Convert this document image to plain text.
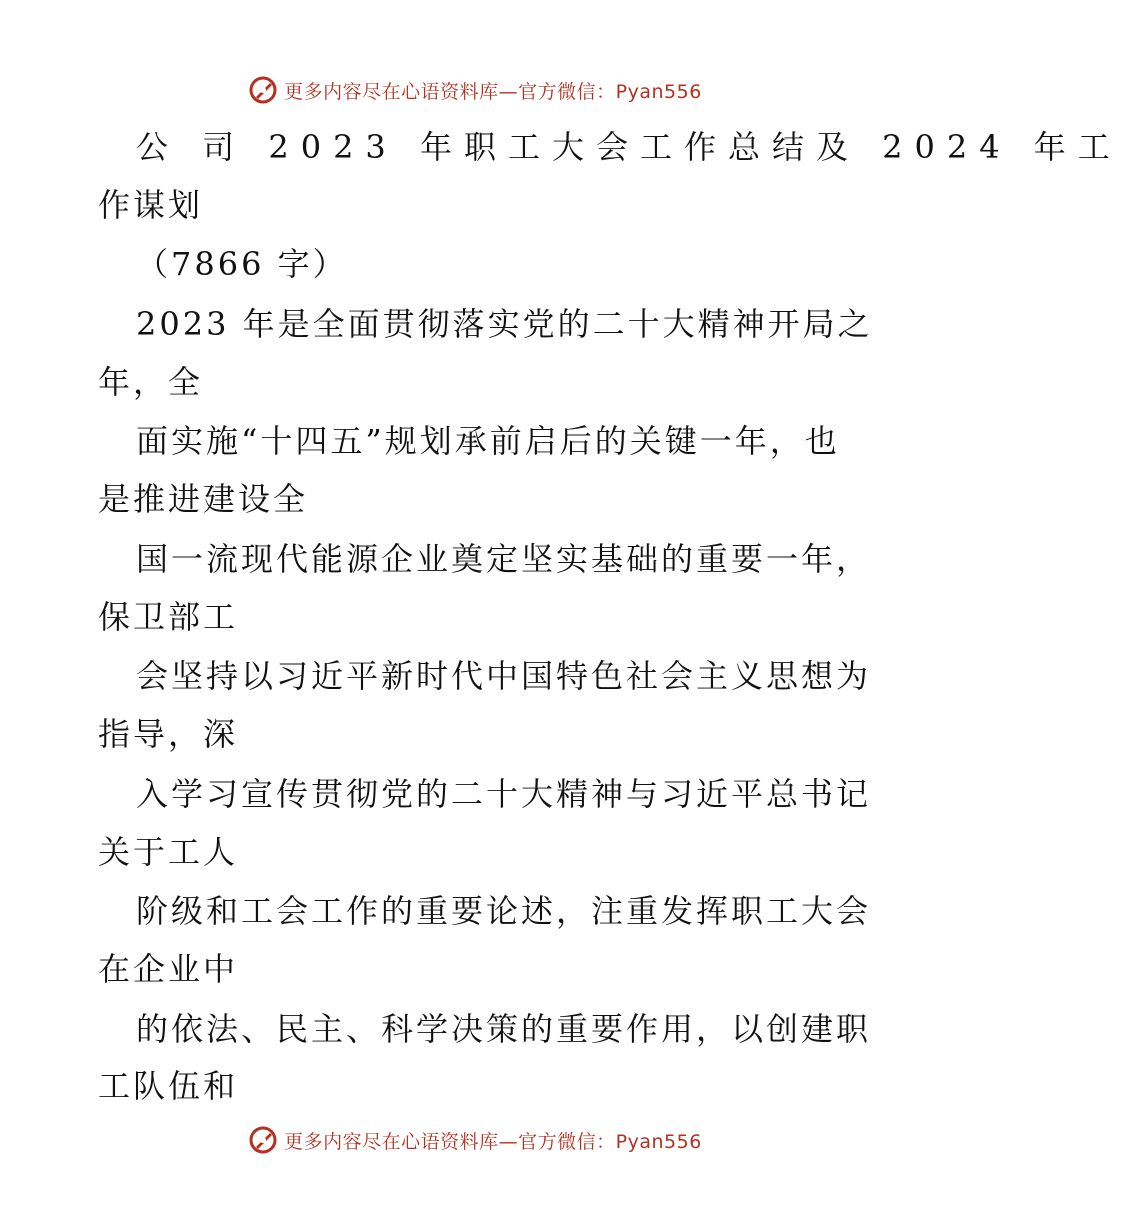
更多内容尽在心语资料库—官方微信：Pyan556
公 司 2023 年职工大会工作总结及 2024 年工
作谋划
（7866 字）
2023 年是全面贯彻落实党的二十大精神开局之
年，全
面实施“十四五”规划承前启后的关键一年，也
是推进建设全
国一流现代能源企业奠定坚实基础的重要一年，
保卫部工
会坚持以习近平新时代中国特色社会主义思想为
指导，深
入学习宣传贯彻党的二十大精神与习近平总书记
关于工人
阶级和工会工作的重要论述，注重发挥职工大会
在企业中
的依法、民主、科学决策的重要作用，以创建职
工队伍和
更多内容尽在心语资料库—官方微信：Pyan556
